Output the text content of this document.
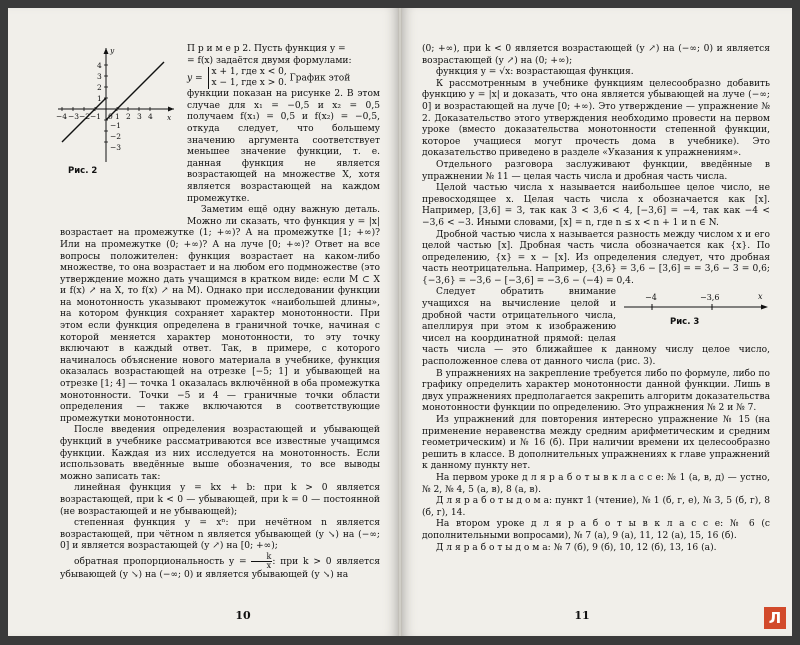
−4 −3 −2 −1 0 1 2 3 4 x
y
4
3
2
1
−1
−2
−3
Рис. 2

П р и м е р 2. Пусть функция y =

= f(x) задаётся двумя формулами:

y =
x + 1, где x < 0,
x − 1, где x > 0. График этой

функции показан на рисунке 2. В этом случае для x₁ = −0,5 и x₂ = 0,5 получаем f(x₁) = 0,5 и f(x₂) = −0,5, откуда следует, что большему значению аргумента соответствует меньшее значение функции, т. е. данная функция не является возрастающей на множестве X, хотя является возрастающей на каждом промежутке.

Заметим ещё одну важную деталь. Можно ли сказать, что функция y = |x| возрастает на промежутке (1; +∞)? А на промежутке [1; +∞)? Или на промежутке (0; +∞)? А на луче [0; +∞)? Ответ на все вопросы положителен: функция возрастает на каком-либо множестве, то она возрастает и на любом его подмножестве (это утверждение можно дать учащимся в кратком виде: если M ⊂ X и f(x) ↗ на X, то f(x) ↗ на M). Однако при исследовании функции на монотонность указывают промежуток «наибольшей длины», на котором функция сохраняет характер монотонности. При этом если функция определена в граничной точке, начиная с которой меняется характер монотонности, то эту точку включают в каждый ответ. Так, в примере, с которого начиналось объяснение нового материала в учебнике, функция оказалась возрастающей на отрезке [−5; 1] и убывающей на отрезке [1; 4] — точка 1 оказалась включённой в оба промежутка монотонности. Точки −5 и 4 — граничные точки области определения — также включаются в соответствующие промежутки монотонности.

После введения определения возрастающей и убывающей функций в учебнике рассматриваются все известные учащимся функции. Каждая из них исследуется на монотонность. Если использовать введённые выше обозначения, то все выводы можно записать так:

линейная функция y = kx + b: при k > 0 является возрастающей, при k < 0 — убывающей, при k = 0 — постоянной (не возрастающей и не убывающей);

степенная функция y = xⁿ: при нечётном n является возрастающей, при чётном n является убывающей (y ↘) на (−∞; 0] и является возрастающей (y ↗) на [0; +∞);

обратная пропорциональность $y = \frac{k}{x}$ : при k > 0 является убывающей (y ↘) на (−∞; 0) и является убывающей (y ↘) на

10

(0; +∞), при k < 0 является возрастающей (y ↗) на (−∞; 0) и является возрастающей (y ↗) на (0; +∞);

функция y = √x: возрастающая функция.

К рассмотренным в учебнике функциям целесообразно добавить функцию y = |x| и доказать, что она является убывающей на луче (−∞; 0] и возрастающей на луче [0; +∞). Это утверждение — упражнение № 2. Доказательство этого утверждения необходимо провести на первом уроке (вместо доказательства монотонности степенной функции, которое учащиеся могут прочесть дома в учебнике). Это доказательство приведено в разделе «Указания к упражнениям».

Отдельного разговора заслуживают функции, введённые в упражнении № 11 — целая часть числа и дробная часть числа.

Целой частью числа x называется наибольшее целое число, не превосходящее x. Целая часть числа x обозначается как [x]. Например, [3,6] = 3, так как 3 < 3,6 < 4, [−3,6] = −4, так как −4 < −3,6 < −3. Иными словами, [x] = n, где n ≤ x < n + 1 и n ∈ N.

Дробной частью числа x называется разность между числом x и его целой частью [x]. Дробная часть числа обозначается как {x}. По определению, {x} = x − [x]. Из определения следует, что дробная часть неотрицательна. Например, {3,6} = 3,6 − [3,6] = = 3,6 − 3 = 0,6; {−3,6} = −3,6 − [−3,6] = −3,6 − (−4) = 0,4.

−4	−3,6	x
Рис. 3

Следует обратить внимание учащихся на вычисление целой и дробной части отрицательного числа, апеллируя при этом к изображению чисел на координатной прямой: целая часть числа — это ближайшее к данному числу целое число, расположенное слева от данного числа (рис. 3).

В упражнениях на закрепление требуется либо по формуле, либо по графику определить характер монотонности данной функции. Лишь в двух упражнениях предполагается закрепить алгоритм доказательства монотонности функции по определению. Это упражнения № 2 и № 7.

Из упражнений для повторения интересно упражнение № 15 (на применение неравенства между средним арифметическим и средним геометрическим) и № 16 (б). При наличии времени их целесообразно решить в классе. В дополнительных упражнениях к главе упражнений к данному пункту нет.

На первом уроке д л я р а б о т ы в к л а с с е: № 1 (а, в, д) — устно, № 2, № 4, 5 (а, в), 8 (а, в).

Д л я р а б о т ы д о м а: пункт 1 (чтение), № 1 (б, г, е), № 3, 5 (б, г), 8 (б, г), 14.

На втором уроке д л я р а б о т ы в к л а с с е: № 6 (с дополнительными вопросами), № 7 (а), 9 (а), 11, 12 (а), 15, 16 (б).

Д л я р а б о т ы д о м а: № 7 (б), 9 (б), 10, 12 (б), 13, 16 (а).

11	Л
